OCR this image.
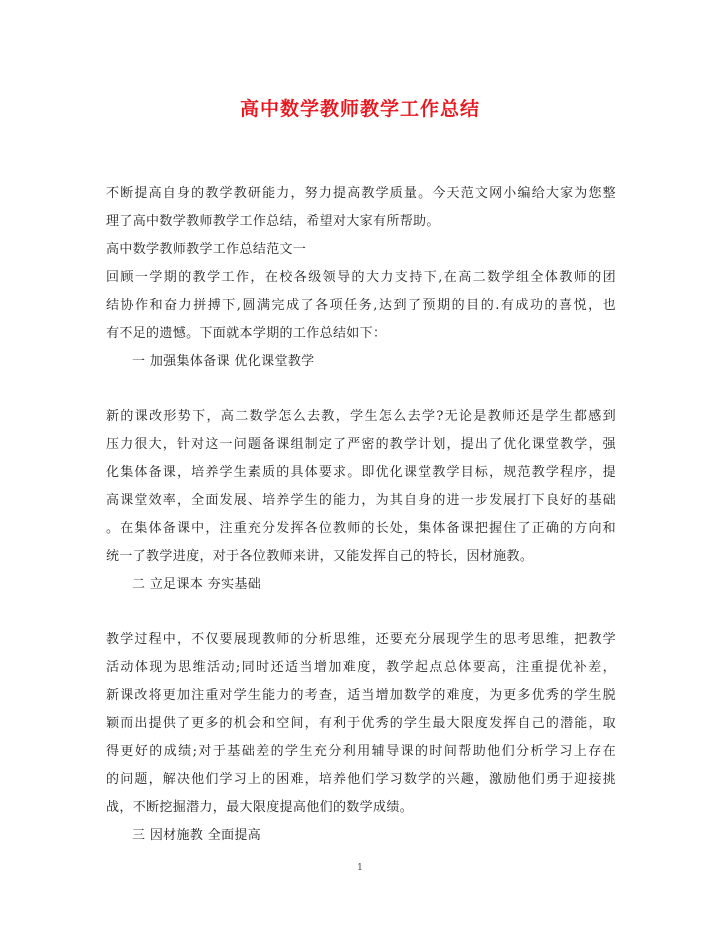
高中数学教师教学工作总结
不断提高自身的教学教研能力，努力提高教学质量。今天范文网小编给大家为您整
理了高中数学教师教学工作总结，希望对大家有所帮助。
高中数学教师教学工作总结范文一
回顾一学期的教学工作，在校各级领导的大力支持下,在高二数学组全体教师的团
结协作和奋力拼搏下,圆满完成了各项任务,达到了预期的目的.有成功的喜悦，也
有不足的遗憾。下面就本学期的工作总结如下：
一 加强集体备课 优化课堂教学
新的课改形势下，高二数学怎么去教，学生怎么去学?无论是教师还是学生都感到
压力很大，针对这一问题备课组制定了严密的教学计划，提出了优化课堂教学，强
化集体备课，培养学生素质的具体要求。即优化课堂教学目标，规范教学程序，提
高课堂效率，全面发展、培养学生的能力，为其自身的进一步发展打下良好的基础
。在集体备课中，注重充分发挥各位教师的长处，集体备课把握住了正确的方向和
统一了教学进度，对于各位教师来讲，又能发挥自己的特长，因材施教。
二 立足课本 夯实基础
教学过程中，不仅要展现教师的分析思维，还要充分展现学生的思考思维，把教学
活动体现为思维活动;同时还适当增加难度，教学起点总体要高，注重提优补差，
新课改将更加注重对学生能力的考查，适当增加数学的难度，为更多优秀的学生脱
颖而出提供了更多的机会和空间，有利于优秀的学生最大限度发挥自己的潜能，取
得更好的成绩;对于基础差的学生充分利用辅导课的时间帮助他们分析学习上存在
的问题，解决他们学习上的困难，培养他们学习数学的兴趣，激励他们勇于迎接挑
战，不断挖掘潜力，最大限度提高他们的数学成绩。
三 因材施教 全面提高
1
